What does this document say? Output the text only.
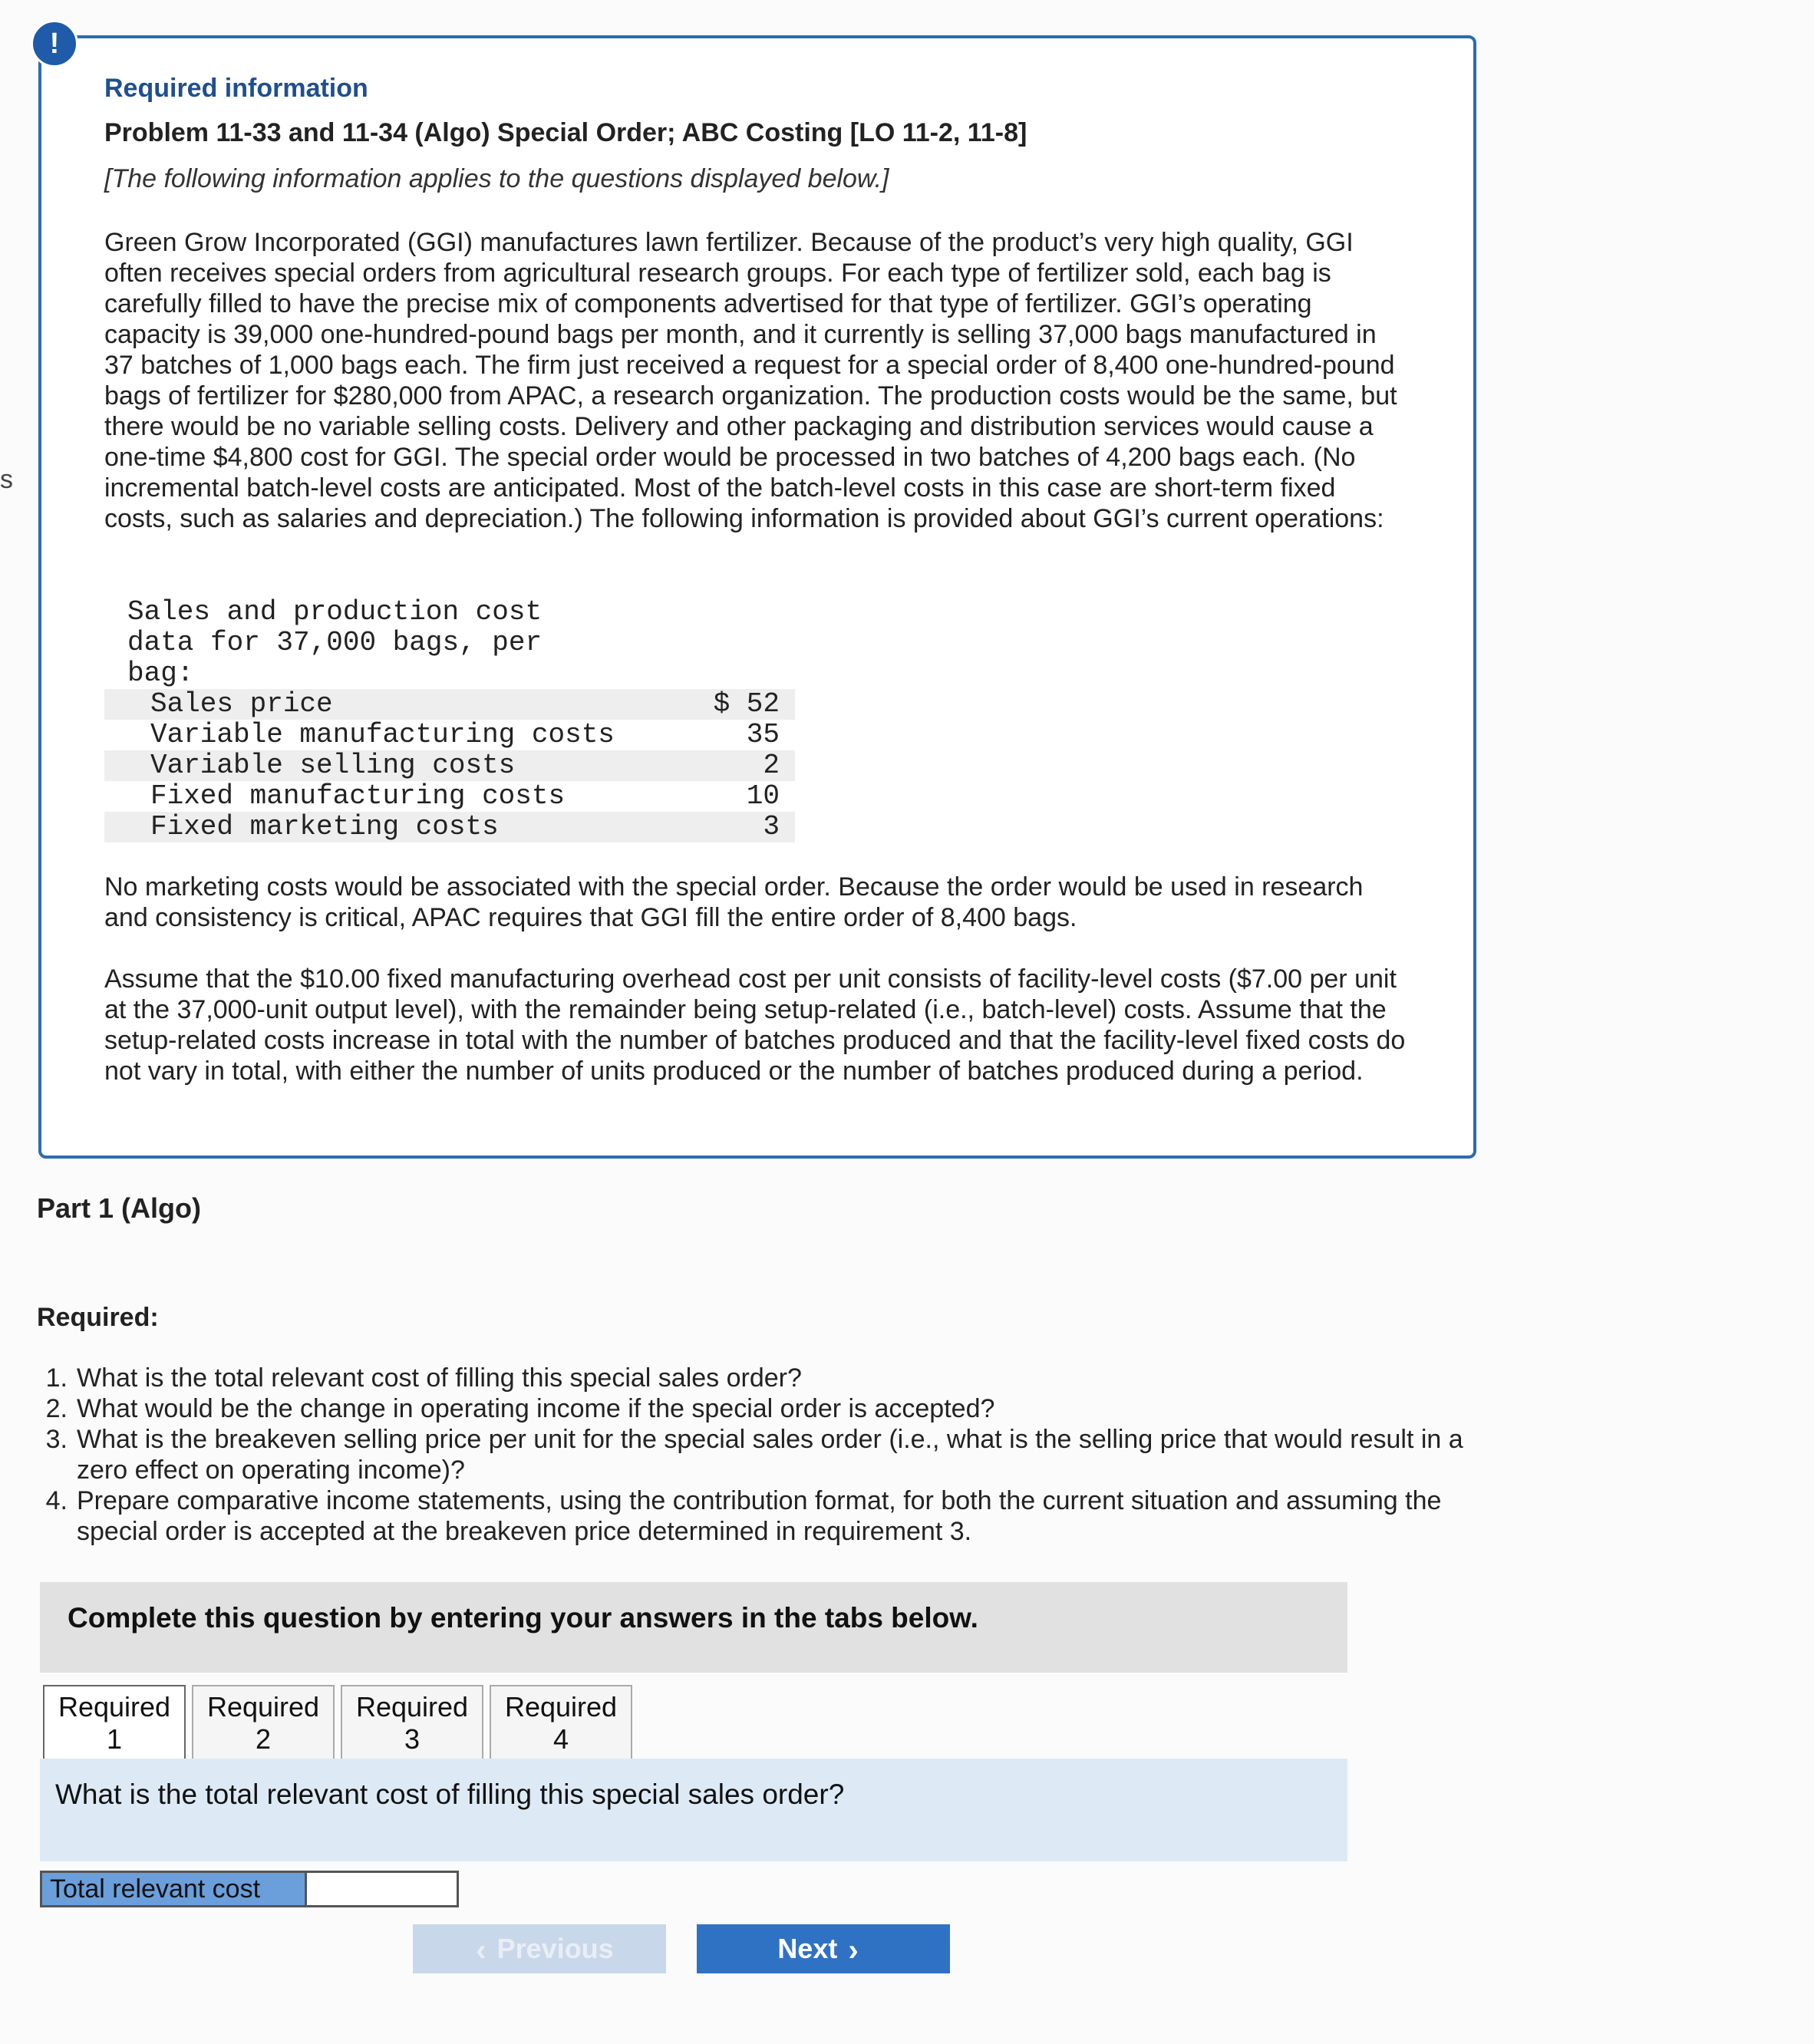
s
!
Required information
Problem 11-33 and 11-34 (Algo) Special Order; ABC Costing [LO 11-2, 11-8]
[The following information applies to the questions displayed below.]
Green Grow Incorporated (GGI) manufactures lawn fertilizer. Because of the product’s very high quality, GGI often receives special orders from agricultural research groups. For each type of fertilizer sold, each bag is carefully filled to have the precise mix of components advertised for that type of fertilizer. GGI’s operating capacity is 39,000 one-hundred-pound bags per month, and it currently is selling 37,000 bags manufactured in 37 batches of 1,000 bags each. The firm just received a request for a special order of 8,400 one-hundred-pound bags of fertilizer for $280,000 from APAC, a research organization. The production costs would be the same, but there would be no variable selling costs. Delivery and other packaging and distribution services would cause a one-time $4,800 cost for GGI. The special order would be processed in two batches of 4,200 bags each. (No incremental batch-level costs are anticipated. Most of the batch-level costs in this case are short-term fixed costs, such as salaries and depreciation.) The following information is provided about GGI’s current operations:
Sales and production cost data for 37,000 bags, per bag:
Sales price	$ 52
Variable manufacturing costs	35
Variable selling costs	2
Fixed manufacturing costs	10
Fixed marketing costs	3
No marketing costs would be associated with the special order. Because the order would be used in research and consistency is critical, APAC requires that GGI fill the entire order of 8,400 bags.
Assume that the $10.00 fixed manufacturing overhead cost per unit consists of facility-level costs ($7.00 per unit at the 37,000-unit output level), with the remainder being setup-related (i.e., batch-level) costs. Assume that the setup-related costs increase in total with the number of batches produced and that the facility-level fixed costs do not vary in total, with either the number of units produced or the number of batches produced during a period.
Part 1 (Algo)
Required:
1. What is the total relevant cost of filling this special sales order?
2. What would be the change in operating income if the special order is accepted?
3. What is the breakeven selling price per unit for the special sales order (i.e., what is the selling price that would result in a zero effect on operating income)?
4. Prepare comparative income statements, using the contribution format, for both the current situation and assuming the special order is accepted at the breakeven price determined in requirement 3.
Complete this question by entering your answers in the tabs below.
Required
1
Required
2
Required
3
Required
4
What is the total relevant cost of filling this special sales order?
Total relevant cost
‹ Previous	Next ›
